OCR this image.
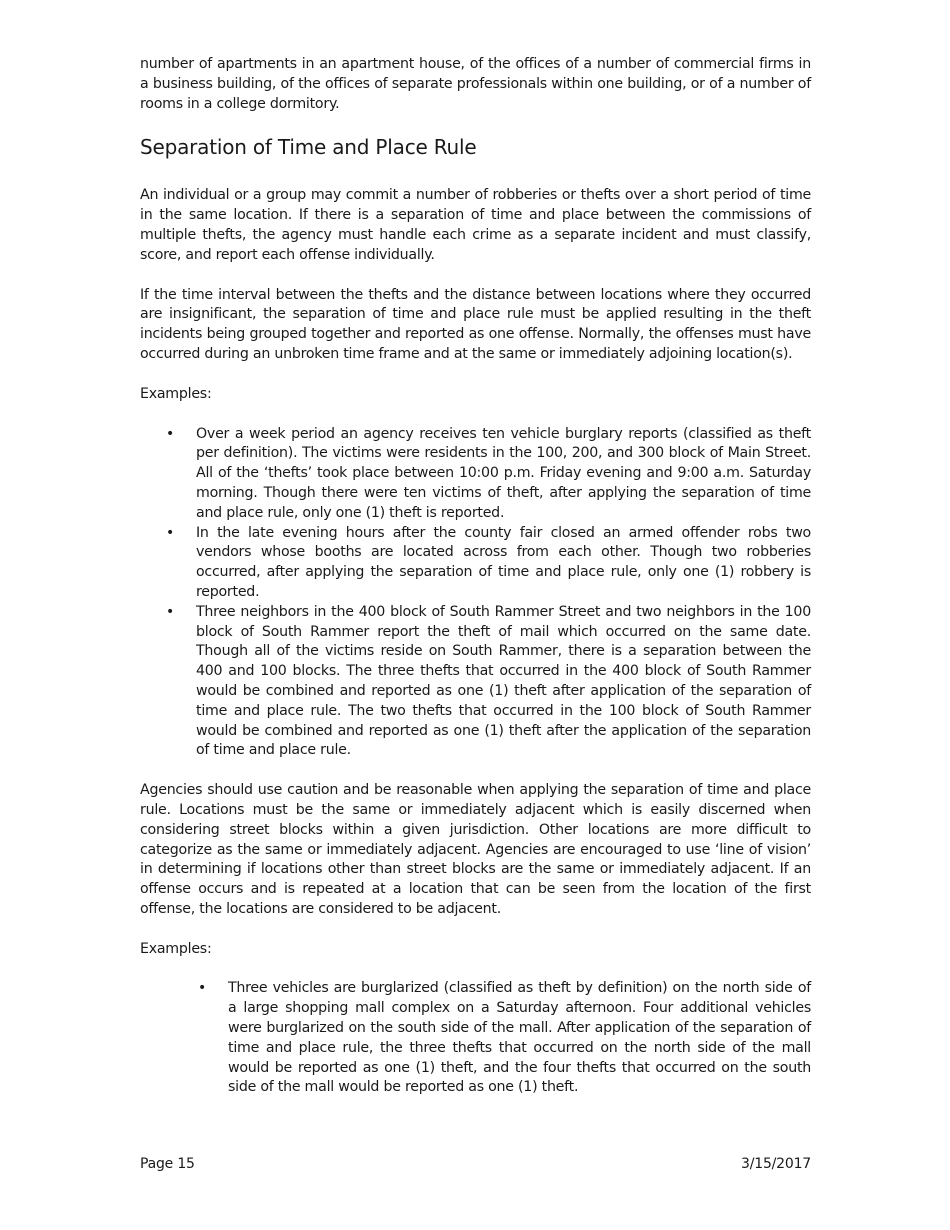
number of apartments in an apartment house, of the offices of a number of commercial firms in a business building, of the offices of separate professionals within one building, or of a number of rooms in a college dormitory.

Separation of Time and Place Rule

An individual or a group may commit a number of robberies or thefts over a short period of time in the same location. If there is a separation of time and place between the commissions of multiple thefts, the agency must handle each crime as a separate incident and must classify, score, and report each offense individually.

If the time interval between the thefts and the distance between locations where they occurred are insignificant, the separation of time and place rule must be applied resulting in the theft incidents being grouped together and reported as one offense. Normally, the offenses must have occurred during an unbroken time frame and at the same or immediately adjoining location(s).

Examples:

• Over a week period an agency receives ten vehicle burglary reports (classified as theft per definition). The victims were residents in the 100, 200, and 300 block of Main Street. All of the ‘thefts’ took place between 10:00 p.m. Friday evening and 9:00 a.m. Saturday morning. Though there were ten victims of theft, after applying the separation of time and place rule, only one (1) theft is reported.
• In the late evening hours after the county fair closed an armed offender robs two vendors whose booths are located across from each other. Though two robberies occurred, after applying the separation of time and place rule, only one (1) robbery is reported.
• Three neighbors in the 400 block of South Rammer Street and two neighbors in the 100 block of South Rammer report the theft of mail which occurred on the same date. Though all of the victims reside on South Rammer, there is a separation between the 400 and 100 blocks. The three thefts that occurred in the 400 block of South Rammer would be combined and reported as one (1) theft after application of the separation of time and place rule. The two thefts that occurred in the 100 block of South Rammer would be combined and reported as one (1) theft after the application of the separation of time and place rule.

Agencies should use caution and be reasonable when applying the separation of time and place rule. Locations must be the same or immediately adjacent which is easily discerned when considering street blocks within a given jurisdiction. Other locations are more difficult to categorize as the same or immediately adjacent. Agencies are encouraged to use ‘line of vision’ in determining if locations other than street blocks are the same or immediately adjacent. If an offense occurs and is repeated at a location that can be seen from the location of the first offense, the locations are considered to be adjacent.

Examples:

• Three vehicles are burglarized (classified as theft by definition) on the north side of a large shopping mall complex on a Saturday afternoon. Four additional vehicles were burglarized on the south side of the mall. After application of the separation of time and place rule, the three thefts that occurred on the north side of the mall would be reported as one (1) theft, and the four thefts that occurred on the south side of the mall would be reported as one (1) theft.
Page 15	3/15/2017
